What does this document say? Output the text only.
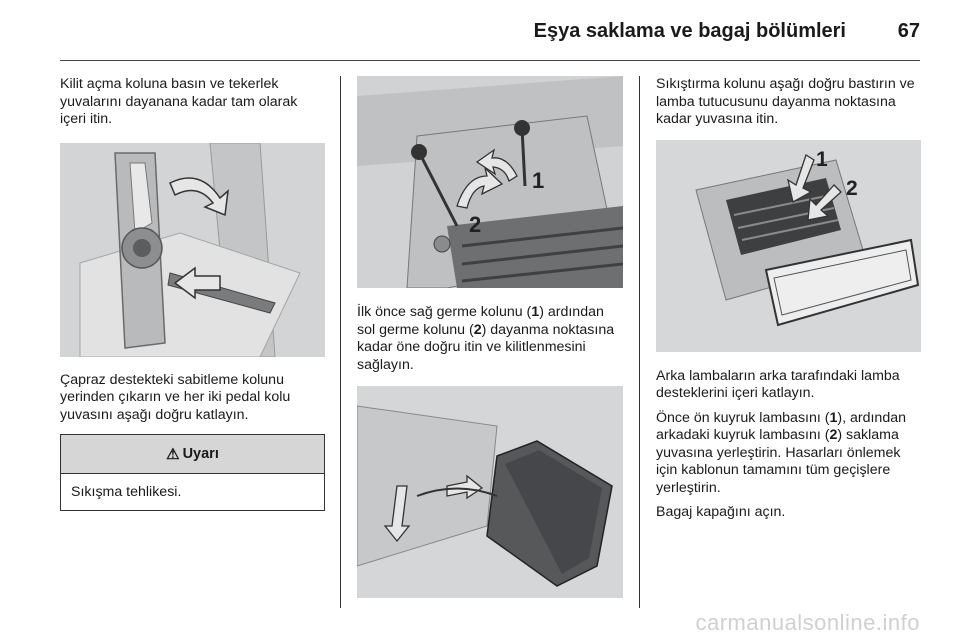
Eşya saklama ve bagaj bölümleri	67

Kilit açma koluna basın ve tekerlek yuvalarını dayanana kadar tam olarak içeri itin.

Çapraz destekteki sabitleme kolunu yerinden çıkarın ve her iki pedal kolu yuvasını aşağı doğru katlayın.

⚠ Uyarı
Sıkışma tehlikesi.
1
2

İlk önce sağ germe kolunu (1) ardından sol germe kolunu (2) dayanma noktasına kadar öne doğru itin ve kilitlenmesini sağlayın.

Sıkıştırma kolunu aşağı doğru bastırın ve lamba tutucusunu dayanma noktasına kadar yuvasına itin.

1
2

Arka lambaların arka tarafındaki lamba desteklerini içeri katlayın.

Önce ön kuyruk lambasını (1), ardından arkadaki kuyruk lambasını (2) saklama yuvasına yerleştirin. Hasarları önlemek için kablonun tamamını tüm geçişlere yerleştirin.

Bagaj kapağını açın.

carmanualsonline.info
